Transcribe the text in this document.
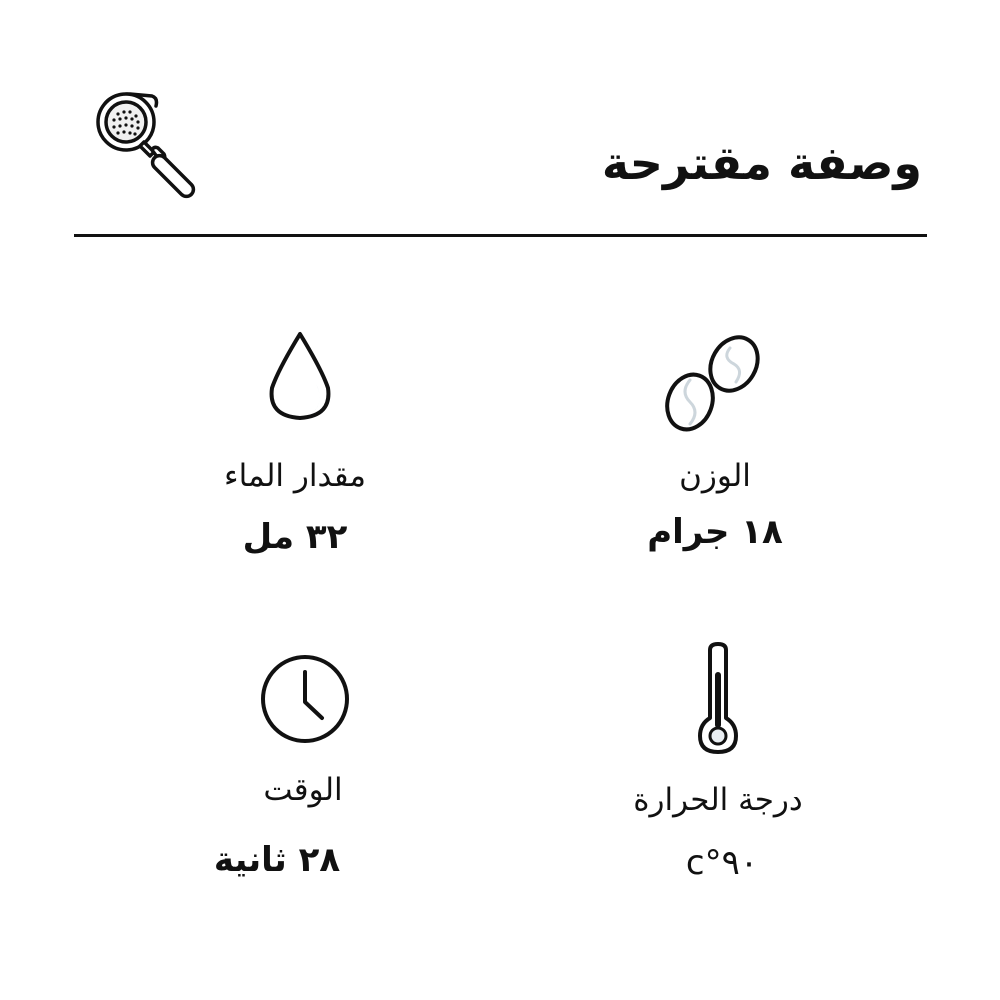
وصفة مقترحة
الوزن
١٨ جرام
مقدار الماء
٣٢ مل
درجة الحرارة
٩٠°c
الوقت
٢٨ ثانية
